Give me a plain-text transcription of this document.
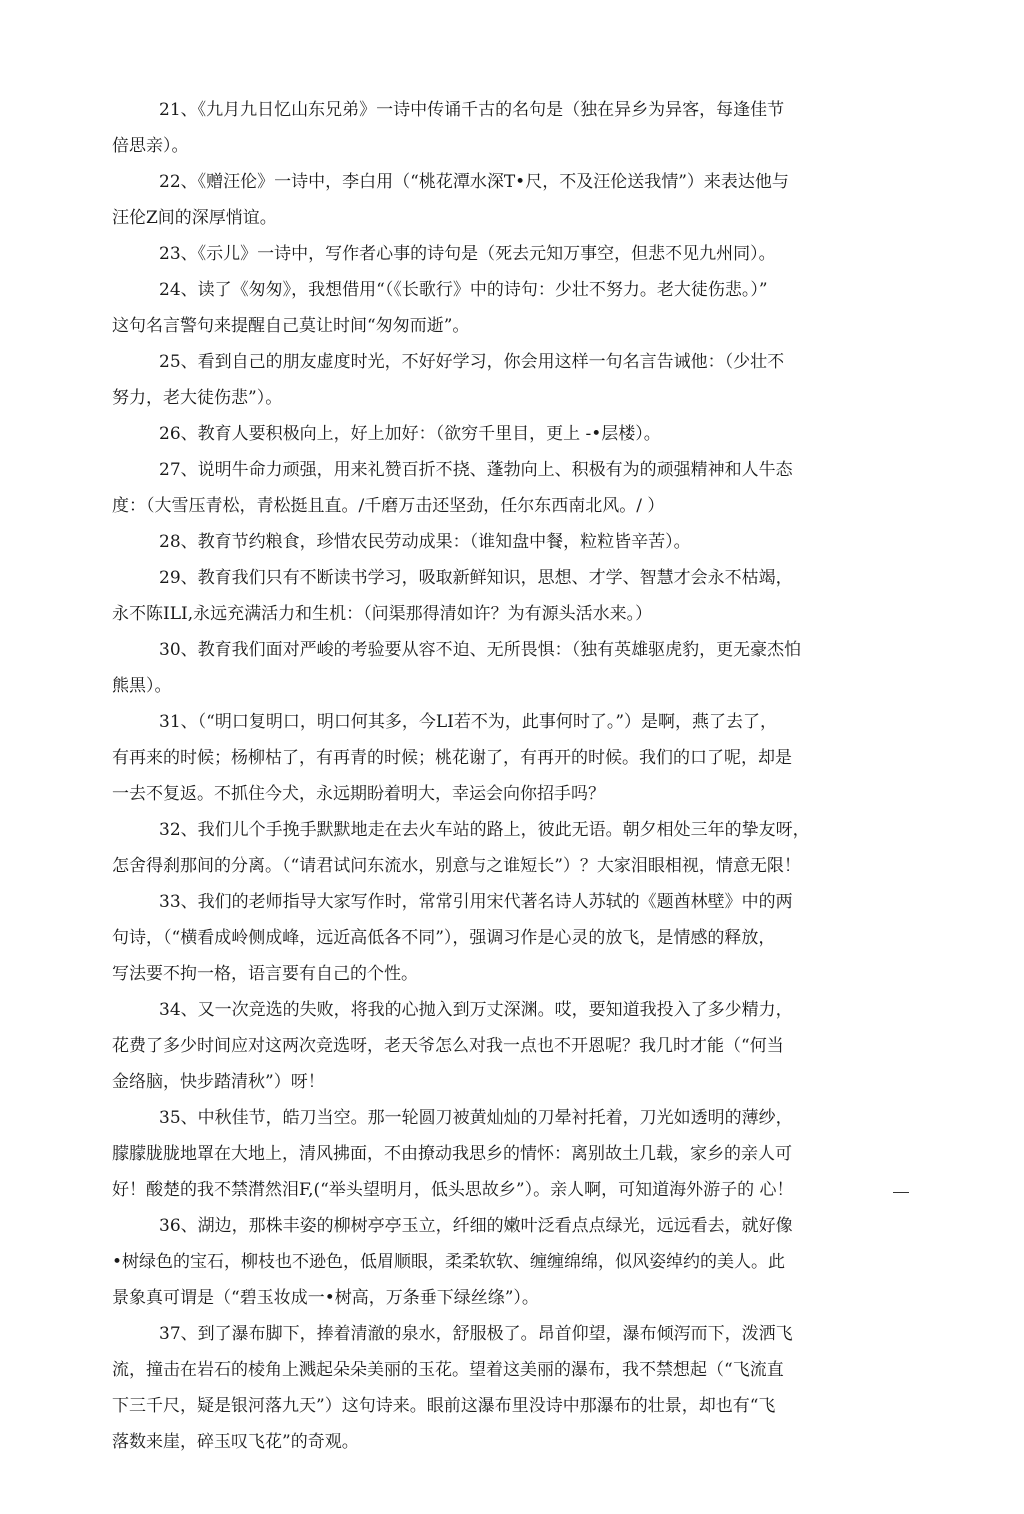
21、《九月九日忆山东兄弟》一诗中传诵千古的名句是（独在异乡为异客，每逢佳节
倍思亲）。
22、《赠汪伦》一诗中，李白用（“桃花潭水深T•尺，不及汪伦送我情”）来表达他与
汪伦Z间的深厚悄谊。
23、《示儿》一诗中，写作者心事的诗句是（死去元知万事空，但悲不见九州同）。
24、读了《匆匆》，我想借用“（《长歌行》中的诗句：少壮不努力。老大徒伤悲。）”
这句名言警句来提醒自己莫让时间“匆匆而逝”。
25、看到自己的朋友虚度时光，不好好学习，你会用这样一句名言告诫他：（少壮不
努力，老大徒伤悲”）。
26、教育人要积极向上，好上加好：（欲穷千里目，更上 -•层楼）。
27、说明牛命力顽强，用来礼赞百折不挠、蓬勃向上、积极有为的顽强精神和人牛态
度：（大雪压青松，青松挺且直。/千磨万击还坚劲，任尔东西南北风。/ ）
28、教育节约粮食，珍惜农民劳动成果：（谁知盘中餐，粒粒皆辛苦）。
29、教育我们只有不断读书学习，吸取新鲜知识，思想、才学、智慧才会永不枯竭，
永不陈ILI,永远充满活力和生机：（问渠那得清如许？为有源头活水来。）
30、教育我们面对严峻的考验要从容不迫、无所畏惧：（独有英雄驱虎豹，更无豪杰怕
熊黒）。
31、（“明口复明口，明口何其多，今LI若不为，此事何时了。”）是啊，燕了去了，
有再来的时候；杨柳枯了，有再青的时候；桃花谢了，有再开的时候。我们的口了呢，却是
一去不复返。不抓住今犬，永远期盼着明大，幸运会向你招手吗？
32、我们儿个手挽手默默地走在去火车站的路上，彼此无语。朝夕相处三年的挚友呀，
怎舍得刹那间的分离。（“请君试问东流水，别意与之谁短长”）？大家泪眼相视，情意无限！
33、我们的老师指导大家写作时，常常引用宋代著名诗人苏轼的《题酋林壁》中的两
句诗，（“横看成岭侧成峰，远近高低各不同”），强调习作是心灵的放飞，是情感的释放，
写法要不拘一格，语言要有自己的个性。
34、又一次竞选的失败，将我的心抛入到万丈深渊。哎，要知道我投入了多少精力，
花费了多少时间应对这两次竞选呀，老天爷怎么对我一点也不开恩呢？我几时才能（“何当
金络脑，快步踏清秋”）呀！
35、中秋佳节，皓刀当空。那一轮圆刀被黄灿灿的刀晕衬托着，刀光如透明的薄纱，
朦朦胧胧地罩在大地上，清风拂面，不由撩动我思乡的情怀：离别故土几载，家乡的亲人可
好！酸楚的我不禁潸然泪F,(“举头望明月，低头思故乡”）。亲人啊，可知道海外游子的 心！
36、湖边，那株丰姿的柳树亭亭玉立，纤细的嫩叶泛看点点绿光，远远看去，就好像
•树绿色的宝石，柳枝也不逊色，低眉顺眼，柔柔软软、缠缠绵绵，似风姿绰约的美人。此
景象真可谓是（“碧玉妆成一•树高，万条垂下绿丝绦”）。
37、到了瀑布脚下，捧着清澈的泉水，舒服极了。昂首仰望，瀑布倾泻而下，泼洒飞
流，撞击在岩石的棱角上溅起朵朵美丽的玉花。望着这美丽的瀑布，我不禁想起（“飞流直
下三千尺，疑是银河落九天”）这句诗来。眼前这瀑布里没诗中那瀑布的壮景，却也有“飞
落数来崖，碎玉叹飞花”的奇观。
